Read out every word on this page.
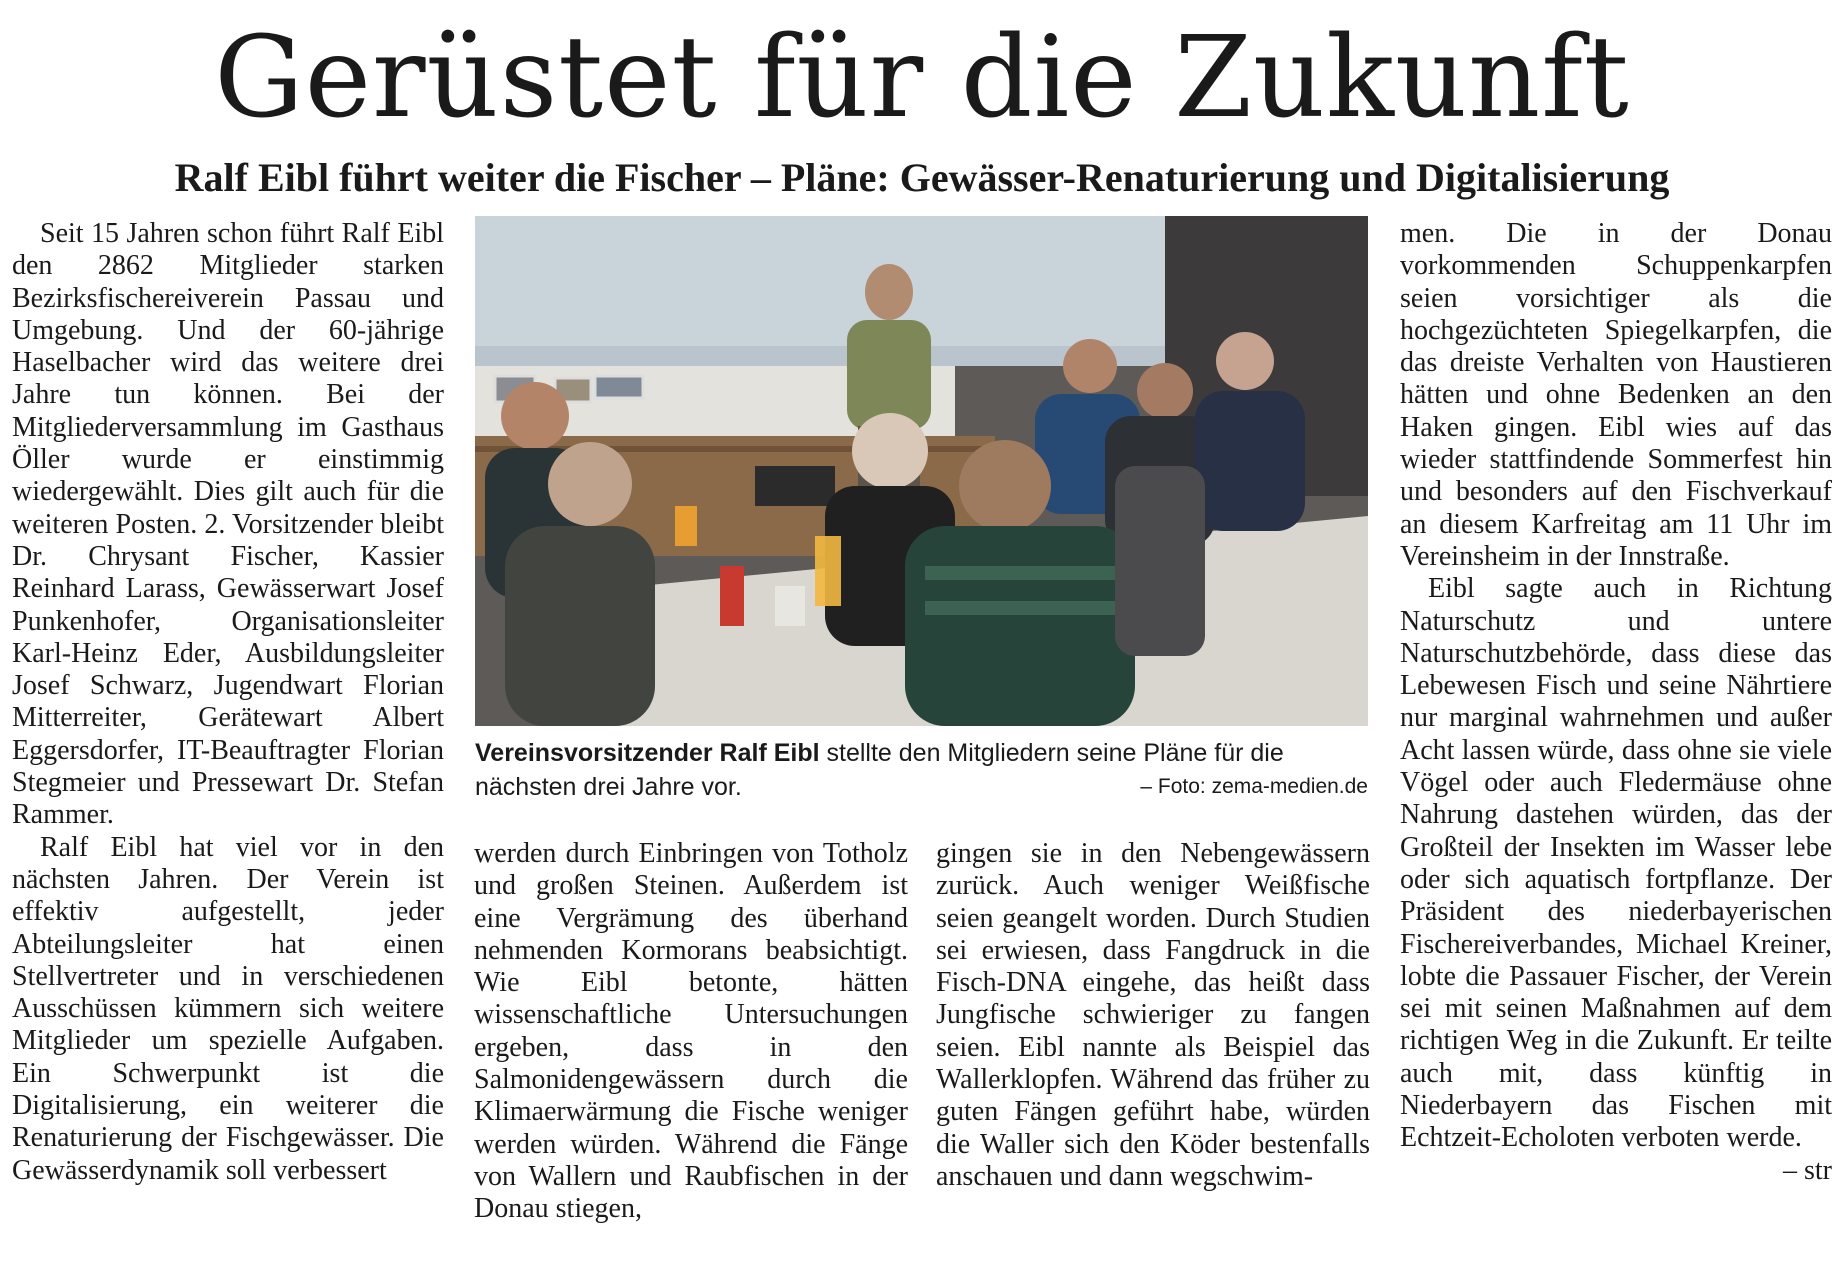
Gerüstet für die Zukunft
Ralf Eibl führt weiter die Fischer – Pläne: Gewässer-Renaturierung und Digitalisierung

Seit 15 Jahren schon führt Ralf Eibl den 2862 Mitglieder starken Bezirksfischereiverein Passau und Umgebung. Und der 60-jährige Haselbacher wird das weitere drei Jahre tun können. Bei der Mitgliederversammlung im Gasthaus Öller wurde er einstimmig wiedergewählt. Dies gilt auch für die weiteren Posten. 2. Vorsitzender bleibt Dr. Chrysant Fischer, Kassier Reinhard Larass, Gewässerwart Josef Punkenhofer, Organisationsleiter Karl-Heinz Eder, Ausbildungsleiter Josef Schwarz, Jugendwart Florian Mitterreiter, Gerätewart Albert Eggersdorfer, IT-Beauftragter Florian Stegmeier und Pressewart Dr. Stefan Rammer.

Ralf Eibl hat viel vor in den nächsten Jahren. Der Verein ist effektiv aufgestellt, jeder Abteilungsleiter hat einen Stellvertreter und in verschiedenen Ausschüssen kümmern sich weitere Mitglieder um spezielle Aufgaben. Ein Schwerpunkt ist die Digitalisierung, ein weiterer die Renaturierung der Fischgewässer. Die Gewässerdynamik soll verbessert

Vereinsvorsitzender Ralf Eibl stellte den Mitgliedern seine Pläne für die nächsten drei Jahre vor.	– Foto: zema-medien.de

werden durch Einbringen von Totholz und großen Steinen. Außerdem ist eine Vergrämung des überhand nehmenden Kormorans beabsichtigt. Wie Eibl betonte, hätten wissenschaftliche Untersuchungen ergeben, dass in den Salmonidengewässern durch die Klimaerwärmung die Fische weniger werden würden. Während die Fänge von Wallern und Raubfischen in der Donau stiegen,

gingen sie in den Nebengewässern zurück. Auch weniger Weißfische seien geangelt worden. Durch Studien sei erwiesen, dass Fangdruck in die Fisch-DNA eingehe, das heißt dass Jungfische schwieriger zu fangen seien. Eibl nannte als Beispiel das Wallerklopfen. Während das früher zu guten Fängen geführt habe, würden die Waller sich den Köder bestenfalls anschauen und dann wegschwim-

men. Die in der Donau vorkommenden Schuppenkarpfen seien vorsichtiger als die hochgezüchteten Spiegelkarpfen, die das dreiste Verhalten von Haustieren hätten und ohne Bedenken an den Haken gingen. Eibl wies auf das wieder stattfindende Sommerfest hin und besonders auf den Fischverkauf an diesem Karfreitag am 11 Uhr im Vereinsheim in der Innstraße.

Eibl sagte auch in Richtung Naturschutz und untere Naturschutzbehörde, dass diese das Lebewesen Fisch und seine Nährtiere nur marginal wahrnehmen und außer Acht lassen würde, dass ohne sie viele Vögel oder auch Fledermäuse ohne Nahrung dastehen würden, das der Großteil der Insekten im Wasser lebe oder sich aquatisch fortpflanze. Der Präsident des niederbayerischen Fischereiverbandes, Michael Kreiner, lobte die Passauer Fischer, der Verein sei mit seinen Maßnahmen auf dem richtigen Weg in die Zukunft. Er teilte auch mit, dass künftig in Niederbayern das Fischen mit Echtzeit-Echoloten verboten werde.
– str
